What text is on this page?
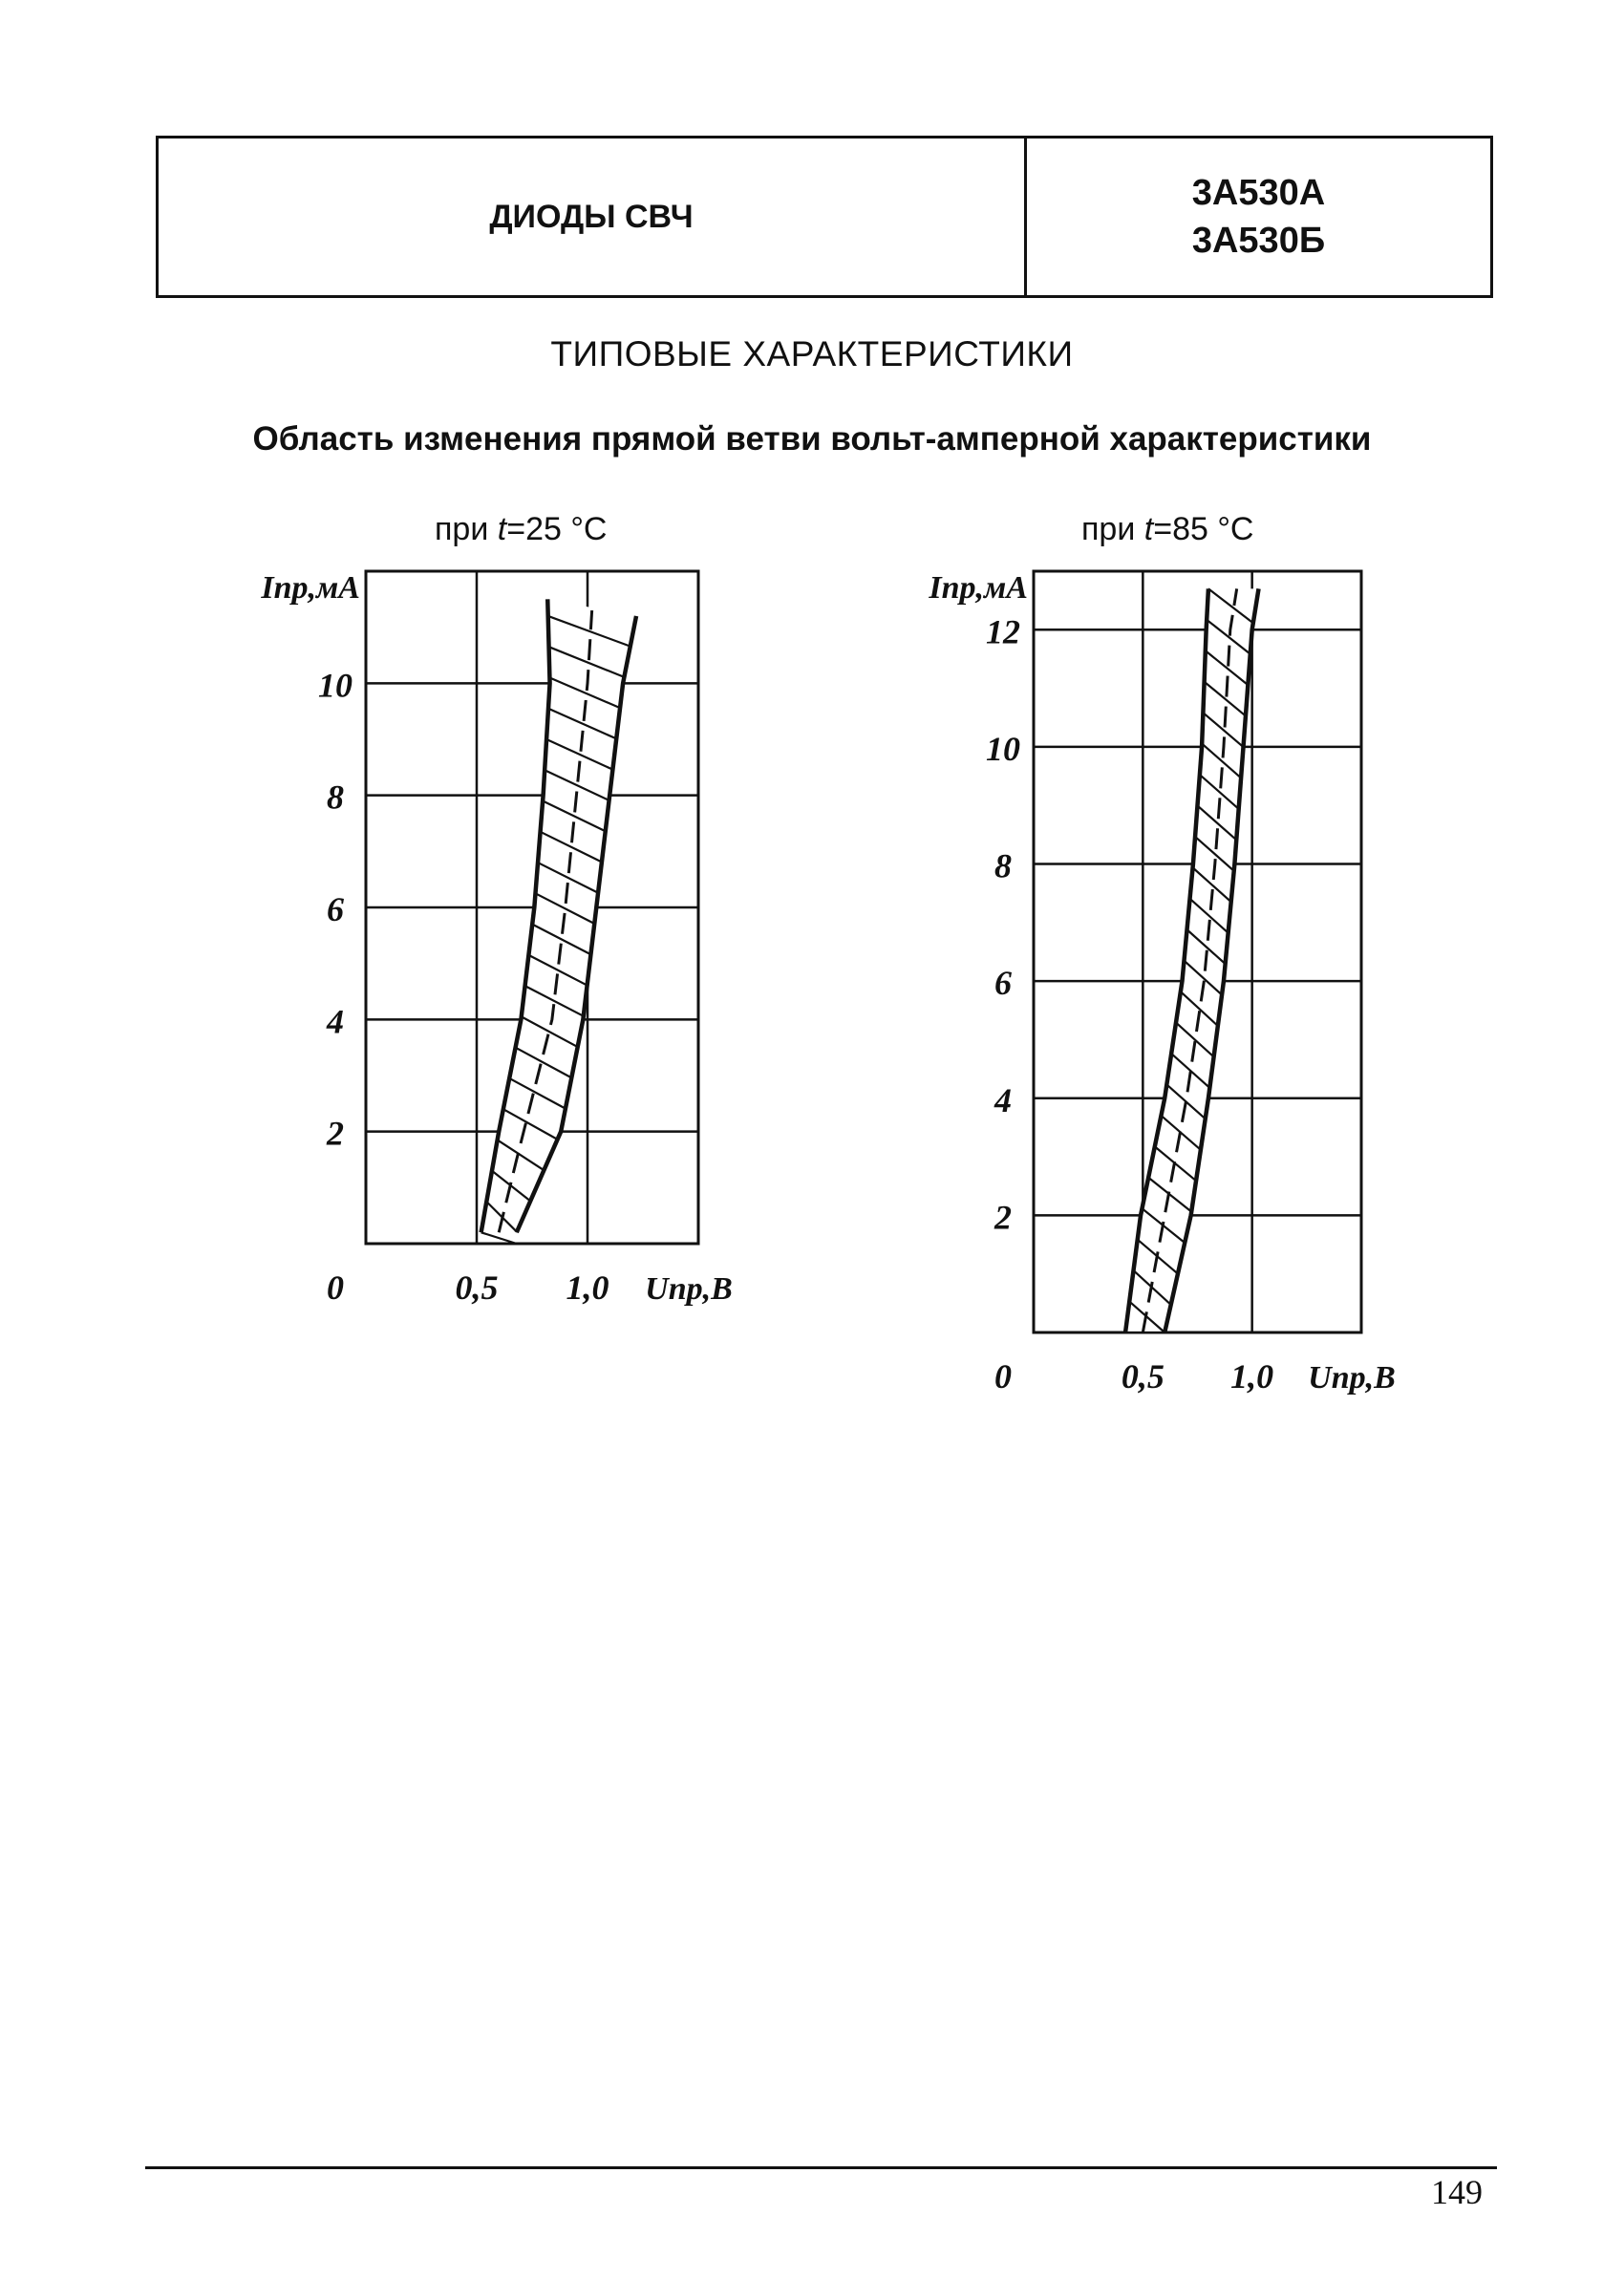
ДИОДЫ СВЧ
3А530А
3А530Б
ТИПОВЫЕ ХАРАКТЕРИСТИКИ
Область изменения прямой ветви вольт-амперной характеристики
при t=25 °С	при t=85 °С
2
4
6
8
10
0,5 1,0
0
Iпр,мА
Uпр,В
2
4
6
8
10
12
0,5 1,0
0
Iпр,мА
Uпр,В
149
